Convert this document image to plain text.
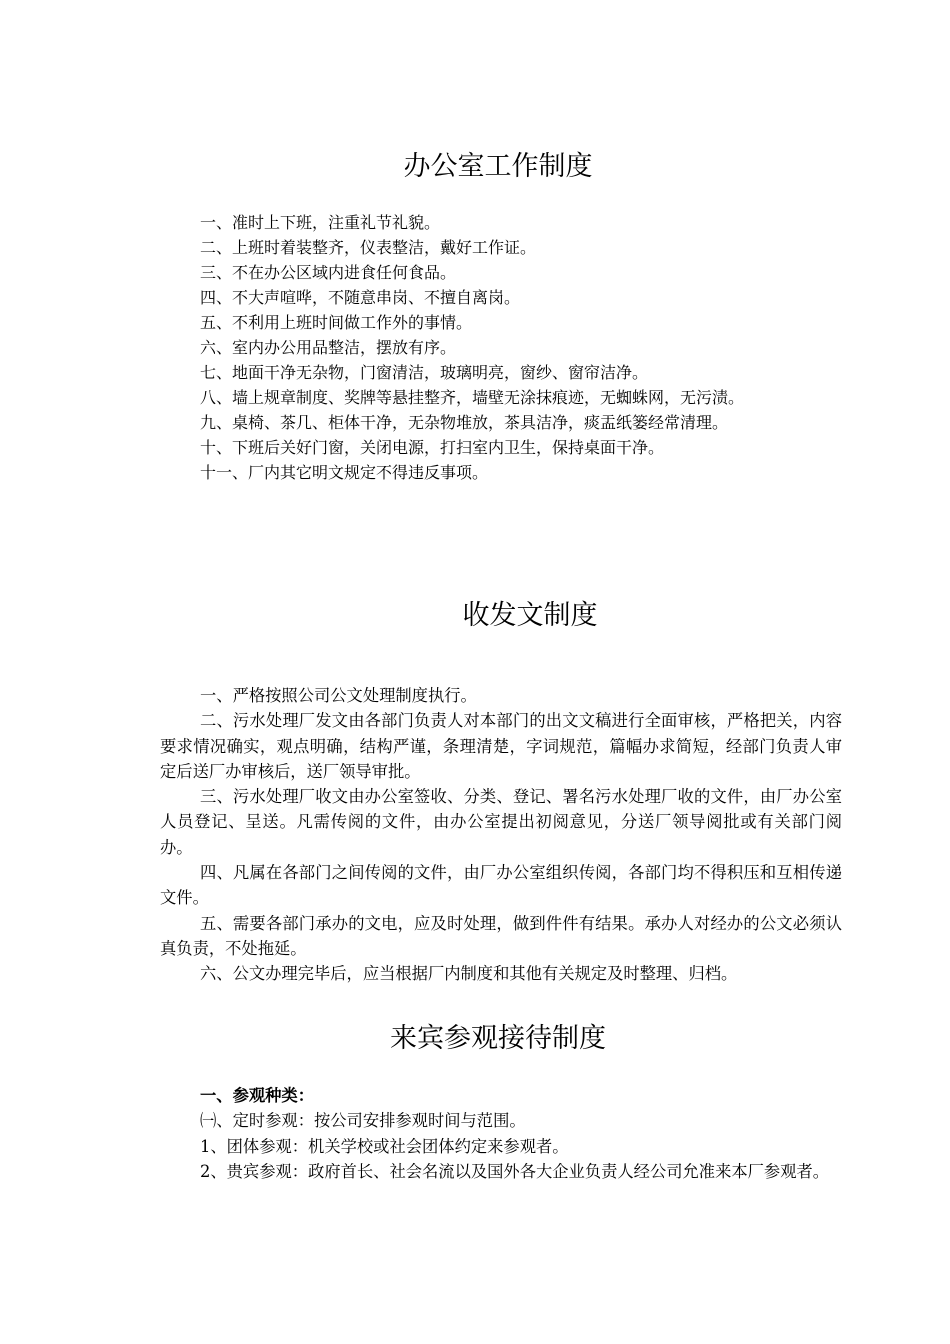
办公室工作制度
一、准时上下班，注重礼节礼貌。
二、上班时着装整齐，仪表整洁，戴好工作证。
三、不在办公区域内进食任何食品。
四、不大声喧哗，不随意串岗、不擅自离岗。
五、不利用上班时间做工作外的事情。
六、室内办公用品整洁，摆放有序。
七、地面干净无杂物，门窗清洁，玻璃明亮，窗纱、窗帘洁净。
八、墙上规章制度、奖牌等悬挂整齐，墙壁无涂抹痕迹，无蜘蛛网，无污渍。
九、桌椅、茶几、柜体干净，无杂物堆放，茶具洁净，痰盂纸篓经常清理。
十、下班后关好门窗，关闭电源，打扫室内卫生，保持桌面干净。
十一、厂内其它明文规定不得违反事项。
收发文制度
一、严格按照公司公文处理制度执行。
二、污水处理厂发文由各部门负责人对本部门的出文文稿进行全面审核，严格把关，内容要求情况确实，观点明确，结构严谨，条理清楚，字词规范，篇幅办求简短，经部门负责人审定后送厂办审核后，送厂领导审批。
三、污水处理厂收文由办公室签收、分类、登记、署名污水处理厂收的文件，由厂办公室人员登记、呈送。凡需传阅的文件，由办公室提出初阅意见，分送厂领导阅批或有关部门阅办。
四、凡属在各部门之间传阅的文件，由厂办公室组织传阅，各部门均不得积压和互相传递文件。
五、需要各部门承办的文电，应及时处理，做到件件有结果。承办人对经办的公文必须认真负责，不处拖延。
六、公文办理完毕后，应当根据厂内制度和其他有关规定及时整理、归档。
来宾参观接待制度
一、参观种类：
㈠、定时参观：按公司安排参观时间与范围。
1、团体参观：机关学校或社会团体约定来参观者。
2、贵宾参观：政府首长、社会名流以及国外各大企业负责人经公司允准来本厂参观者。
